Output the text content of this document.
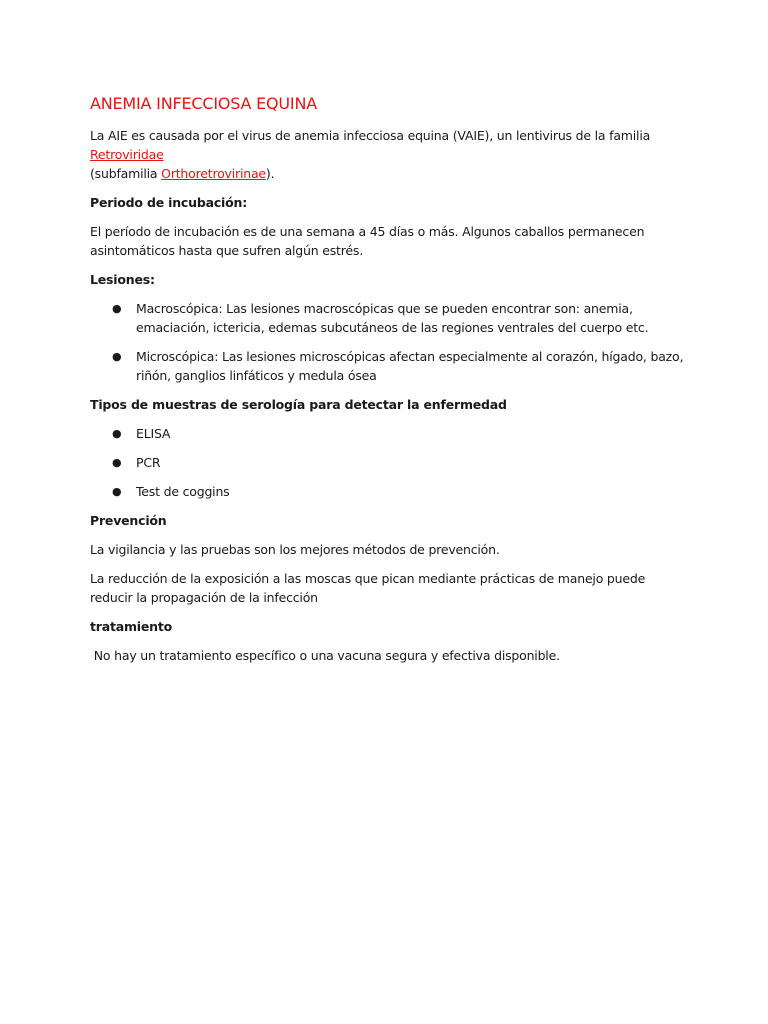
ANEMIA INFECCIOSA EQUINA

La AIE es causada por el virus de anemia infecciosa equina (VAIE), un lentivirus de la familia Retroviridae
(subfamilia Orthoretrovirinae).

Periodo de incubación:

El período de incubación es de una semana a 45 días o más. Algunos caballos permanecen asintomáticos hasta que sufren algún estrés.

Lesiones:

● Macroscópica: Las lesiones macroscópicas que se pueden encontrar son: anemia, emaciación, ictericia, edemas subcutáneos de las regiones ventrales del cuerpo etc.
● Microscópica: Las lesiones microscópicas afectan especialmente al corazón, hígado, bazo, riñón, ganglios linfáticos y medula ósea

Tipos de muestras de serología para detectar la enfermedad

● ELISA
● PCR
● Test de coggins

Prevención

La vigilancia y las pruebas son los mejores métodos de prevención.

La reducción de la exposición a las moscas que pican mediante prácticas de manejo puede reducir la propagación de la infección

tratamiento

No hay un tratamiento específico o una vacuna segura y efectiva disponible.
